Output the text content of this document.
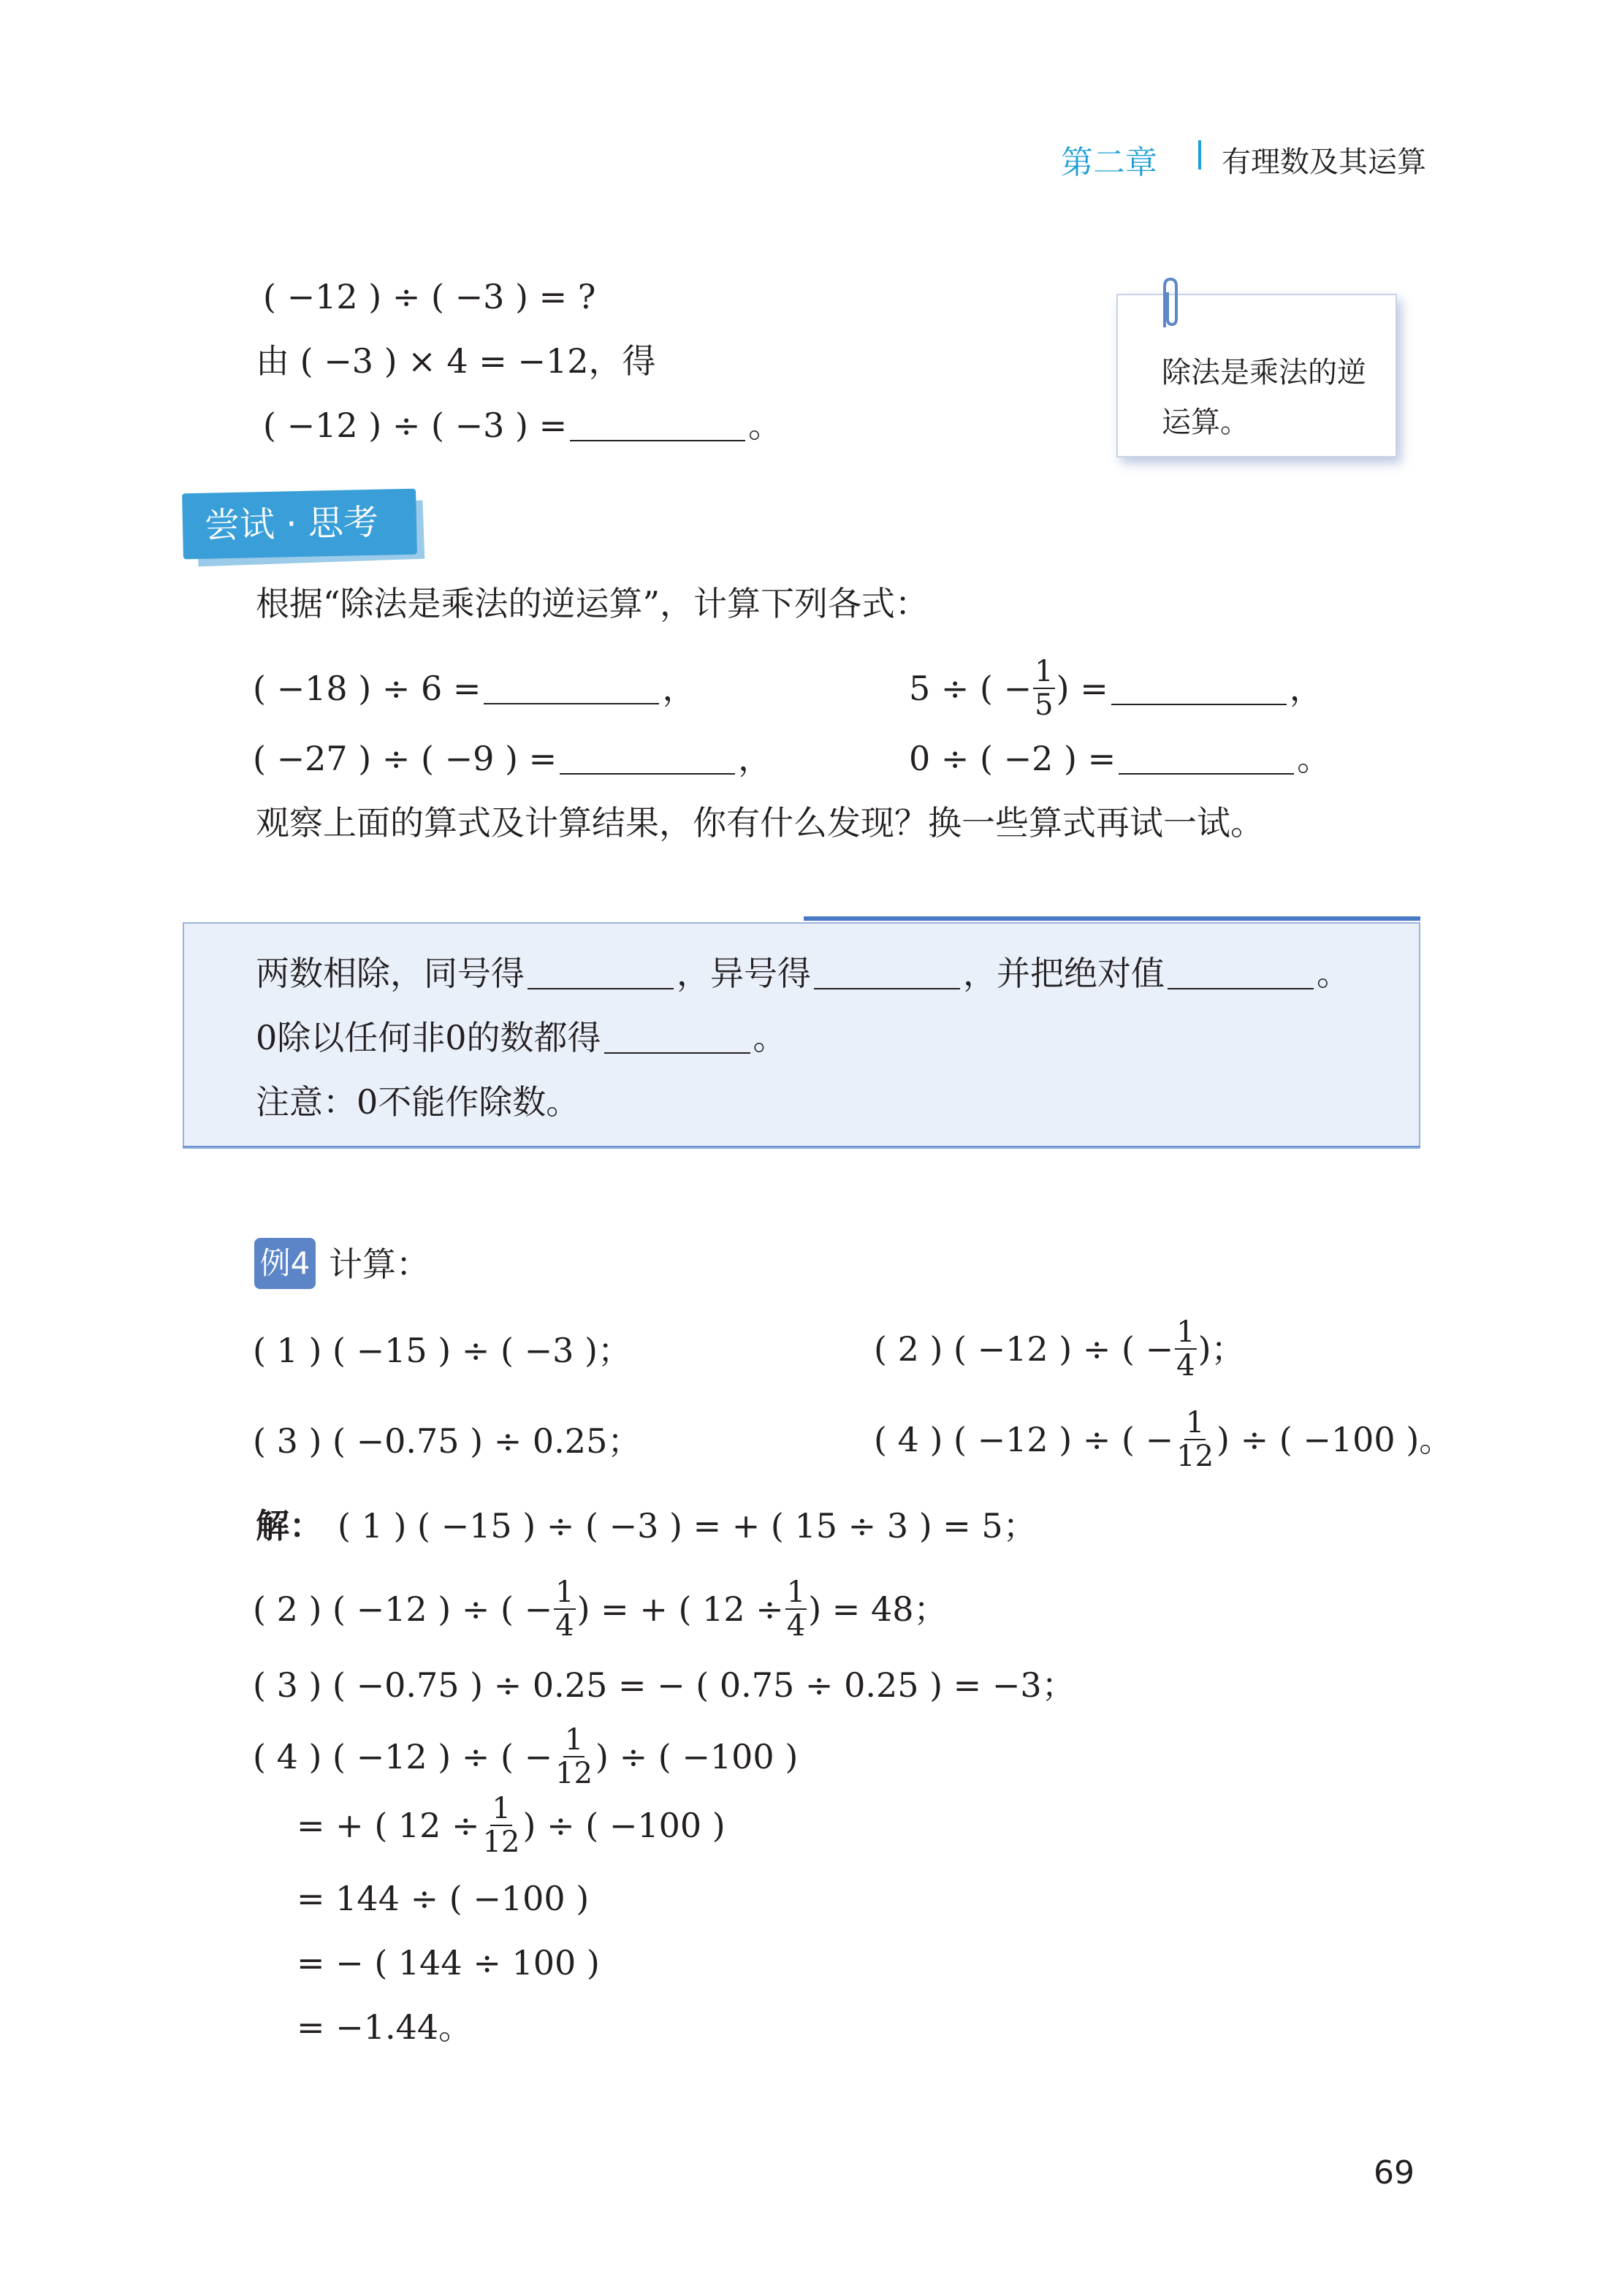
第二章 有理数及其运算
( −12 ) ÷ ( −3 ) = ?
由 ( −3 ) × 4 = −12，得
( −12 ) ÷ ( −3 ) =	。
除法是乘法的逆运算。
尝试 · 思考
根据“除法是乘法的逆运算”，计算下列各式：
( −18 ) ÷ 6 =	，	5 ÷ ( − $\frac{1}{5}$ ) =	，
( −27 ) ÷ ( −9 ) =	，	0 ÷ ( −2 ) =	。
观察上面的算式及计算结果，你有什么发现？换一些算式再试一试。
两数相除，同号得	，异号得	，并把绝对值	。
0除以任何非0的数都得	。
注意：0不能作除数。
例4 计算：
( 1 ) ( −15 ) ÷ ( −3 )；	( 2 ) ( −12 ) ÷ ( − $\frac{1}{4}$ )；
( 3 ) ( −0.75 ) ÷ 0.25；	( 4 ) ( −12 ) ÷ ( − $\frac{1}{12}$ ) ÷ ( −100 )。
解： ( 1 ) ( −15 ) ÷ ( −3 ) = + ( 15 ÷ 3 ) = 5；
( 2 ) ( −12 ) ÷ ( − $\frac{1}{4}$ ) = + ( $12 \div \frac{1}{4}$ ) = 48；
( 3 ) ( −0.75 ) ÷ 0.25 = − ( 0.75 ÷ 0.25 ) = −3；
( 4 ) ( −12 ) ÷ ( − $\frac{1}{12}$ ) ÷ ( −100 )
= + ( $12 \div \frac{1}{12}$ ) ÷ ( −100 )
= 144 ÷ ( −100 )
= − ( 144 ÷ 100 )
= −1.44。
69
